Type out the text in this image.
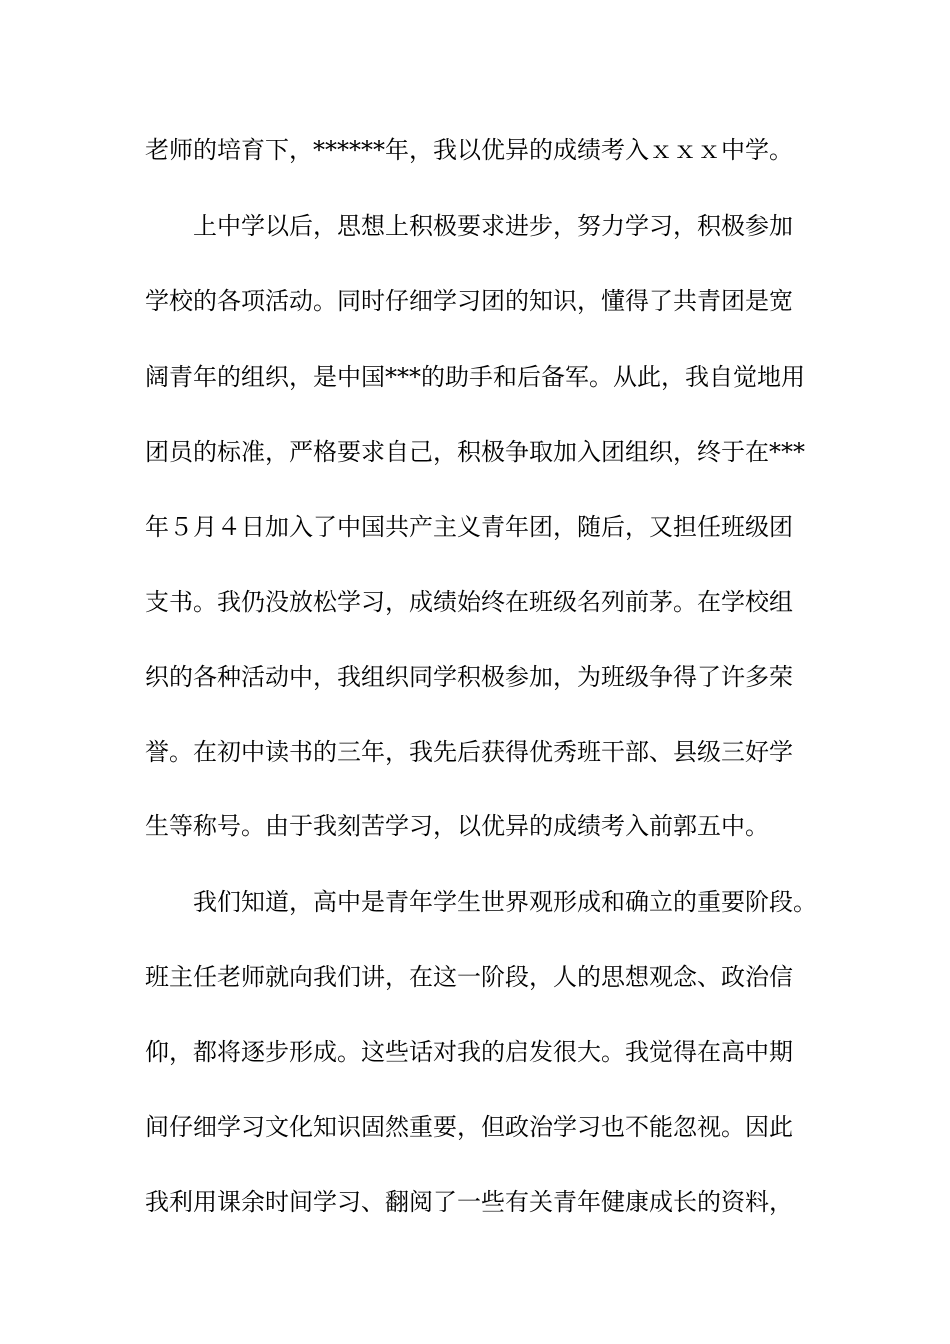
老师的培育下，******年，我以优异的成绩考入ｘｘｘ中学。
上中学以后，思想上积极要求进步，努力学习，积极参加
学校的各项活动。同时仔细学习团的知识，懂得了共青团是宽
阔青年的组织，是中国***的助手和后备军。从此，我自觉地用
团员的标准，严格要求自己，积极争取加入团组织，终于在***
年５月４日加入了中国共产主义青年团，随后，又担任班级团
支书。我仍没放松学习，成绩始终在班级名列前茅。在学校组
织的各种活动中，我组织同学积极参加，为班级争得了许多荣
誉。在初中读书的三年，我先后获得优秀班干部、县级三好学
生等称号。由于我刻苦学习，以优异的成绩考入前郭五中。
我们知道，高中是青年学生世界观形成和确立的重要阶段。
班主任老师就向我们讲，在这一阶段，人的思想观念、政治信
仰，都将逐步形成。这些话对我的启发很大。我觉得在高中期
间仔细学习文化知识固然重要，但政治学习也不能忽视。因此
我利用课余时间学习、翻阅了一些有关青年健康成长的资料，
